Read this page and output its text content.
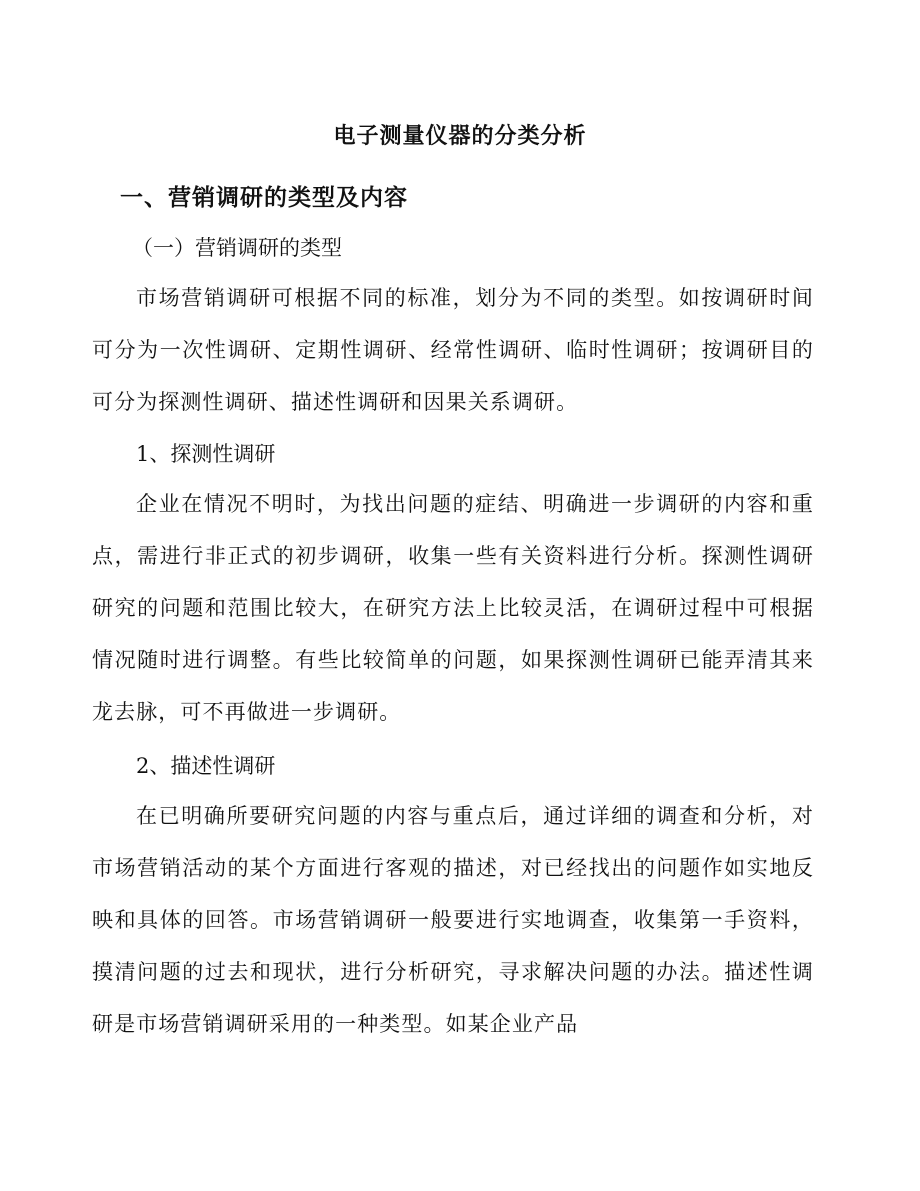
电子测量仪器的分类分析
一、营销调研的类型及内容
（一）营销调研的类型

市场营销调研可根据不同的标准，划分为不同的类型。如按调研时间可分为一次性调研、定期性调研、经常性调研、临时性调研；按调研目的可分为探测性调研、描述性调研和因果关系调研。

1、探测性调研

企业在情况不明时，为找出问题的症结、明确进一步调研的内容和重点，需进行非正式的初步调研，收集一些有关资料进行分析。探测性调研研究的问题和范围比较大，在研究方法上比较灵活，在调研过程中可根据情况随时进行调整。有些比较简单的问题，如果探测性调研已能弄清其来龙去脉，可不再做进一步调研。

2、描述性调研

在已明确所要研究问题的内容与重点后，通过详细的调查和分析，对市场营销活动的某个方面进行客观的描述，对已经找出的问题作如实地反映和具体的回答。市场营销调研一般要进行实地调查，收集第一手资料，摸清问题的过去和现状，进行分析研究，寻求解决问题的办法。描述性调研是市场营销调研采用的一种类型。如某企业产品
